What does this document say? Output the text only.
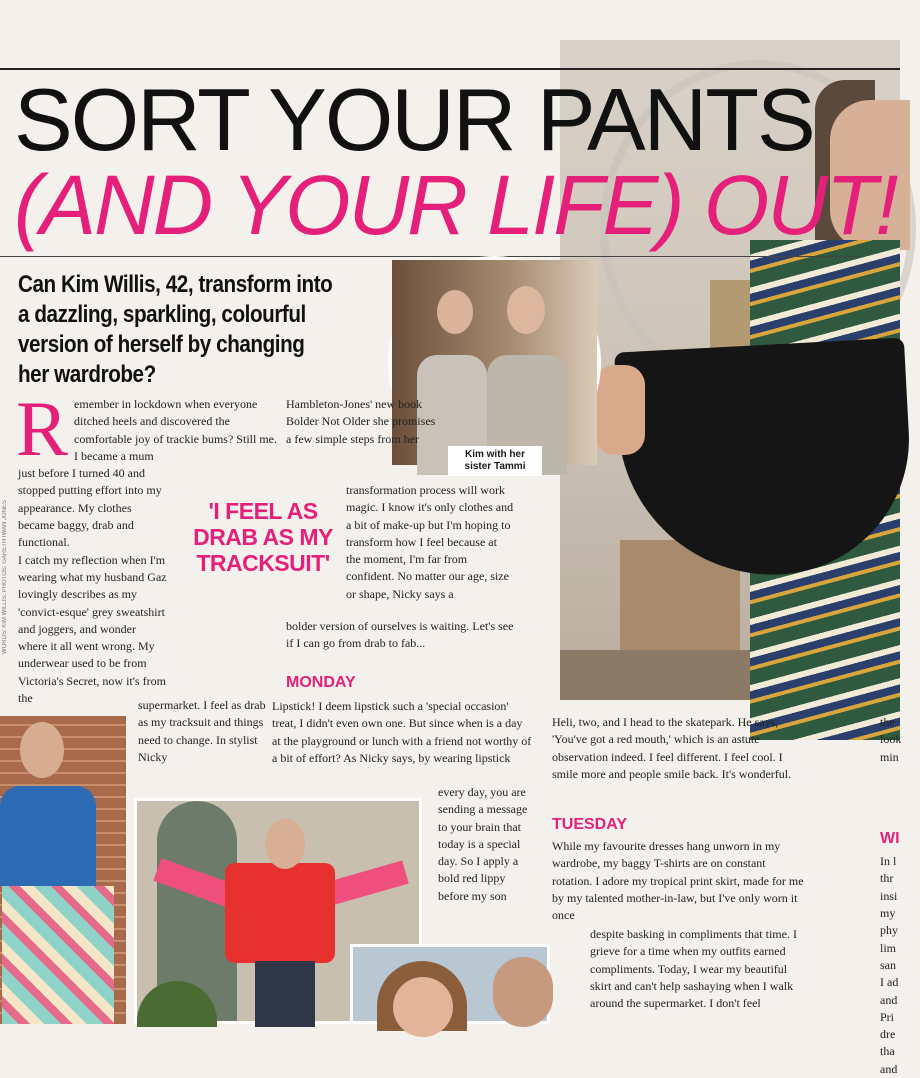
SORT YOUR PANTS
(AND YOUR LIFE) OUT!

Can Kim Willis, 42, transform into a dazzling, sparkling, colourful version of herself by changing her wardrobe?

Kim with her sister Tammi
WORDS: KIM WILLIS. PHOTOS: GARETH IWAN JONES
R emember in lockdown when everyone ditched heels and discovered the comfortable joy of trackie bums? Still me.

I became a mum just before I turned 40 and stopped putting effort into my appearance. My clothes became baggy, drab and functional.

I catch my reflection when I'm wearing what my husband Gaz lovingly describes as my 'convict-esque' grey sweatshirt and joggers, and wonder where it all went wrong. My underwear used to be from Victoria's Secret, now it's from the	supermarket. I feel as drab as my tracksuit and things need to change. In stylist Nicky
'I FEEL AS DRAB AS MY TRACKSUIT'
Hambleton-Jones' new book Bolder Not Older she promises a few simple steps from her
transformation process will work magic. I know it's only clothes and a bit of make-up but I'm hoping to transform how I feel because at the moment, I'm far from confident. No matter our age, size or shape, Nicky says a
bolder version of ourselves is waiting. Let's see if I can go from drab to fab...
MONDAY
Lipstick! I deem lipstick such a 'special occasion' treat, I didn't even own one. But since when is a day at the playground or lunch with a friend not worthy of a bit of effort? As Nicky says, by wearing lipstick
every day, you are sending a message to your brain that today is a special day. So I apply a bold red lippy before my son
Heli, two, and I head to the skatepark. He says, 'You've got a red mouth,' which is an astute observation indeed. I feel different. I feel cool. I smile more and people smile back. It's wonderful.
TUESDAY
While my favourite dresses hang unworn in my wardrobe, my baggy T-shirts are on constant rotation. I adore my tropical print skirt, made for me by my talented mother-in-law, but I've only worn it once
despite basking in compliments that time. I grieve for a time when my outfits earned compliments. Today, I wear my beautiful skirt and can't help sashaying when I walk around the supermarket. I don't feel
the
look
min
WI
In l
thr
insi
my
phy
lim
san
I ad
and
Pri
dre
tha
and
